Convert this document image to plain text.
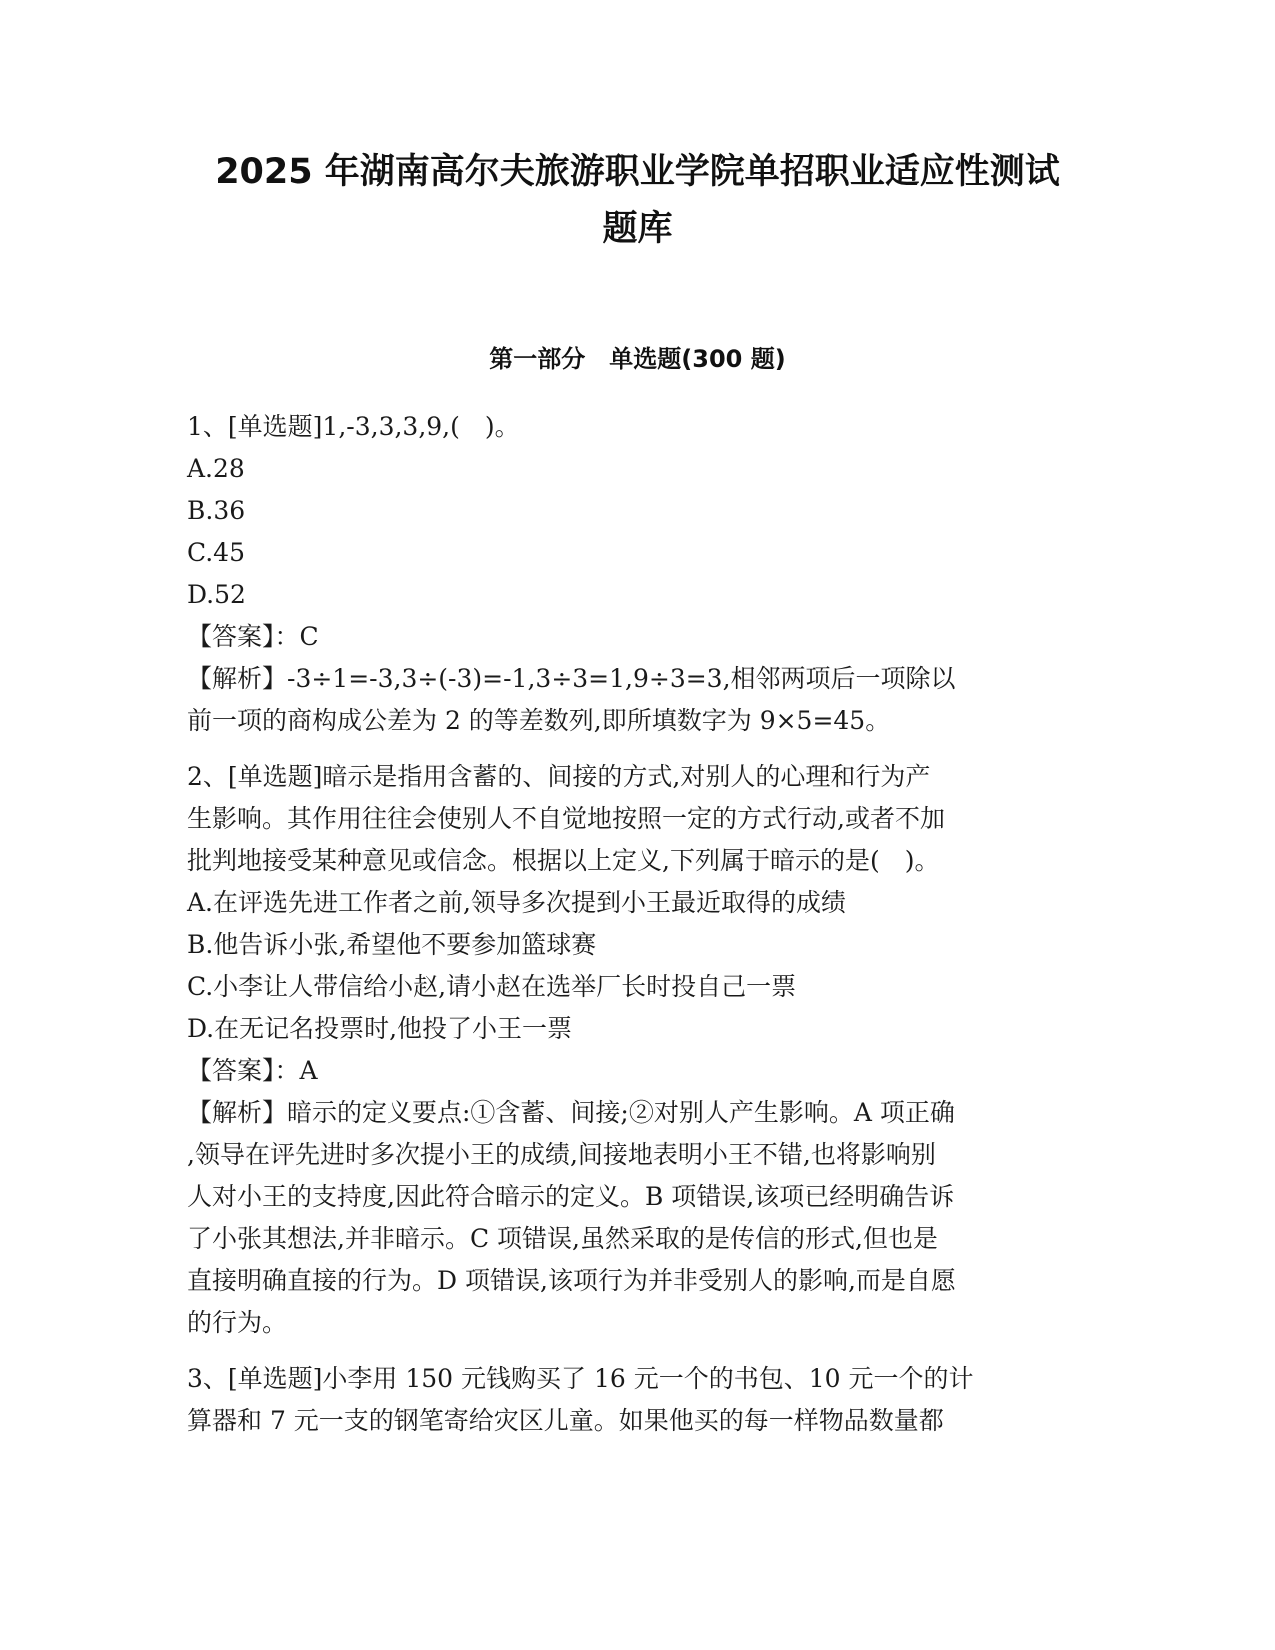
2025 年湖南高尔夫旅游职业学院单招职业适应性测试
题库
第一部分　单选题(300 题)

1、[单选题]1,-3,3,3,9,(　)。

A.28

B.36

C.45

D.52

【答案】：C

【解析】-3÷1=-3,3÷(-3)=-1,3÷3=1,9÷3=3,相邻两项后一项除以

前一项的商构成公差为 2 的等差数列,即所填数字为 9×5=45。

2、[单选题]暗示是指用含蓄的、间接的方式,对别人的心理和行为产

生影响。其作用往往会使别人不自觉地按照一定的方式行动,或者不加

批判地接受某种意见或信念。根据以上定义,下列属于暗示的是(　)。

A.在评选先进工作者之前,领导多次提到小王最近取得的成绩

B.他告诉小张,希望他不要参加篮球赛

C.小李让人带信给小赵,请小赵在选举厂长时投自己一票

D.在无记名投票时,他投了小王一票

【答案】：A

【解析】暗示的定义要点:①含蓄、间接;②对别人产生影响。A 项正确

,领导在评先进时多次提小王的成绩,间接地表明小王不错,也将影响别

人对小王的支持度,因此符合暗示的定义。B 项错误,该项已经明确告诉

了小张其想法,并非暗示。C 项错误,虽然采取的是传信的形式,但也是

直接明确直接的行为。D 项错误,该项行为并非受别人的影响,而是自愿

的行为。

3、[单选题]小李用 150 元钱购买了 16 元一个的书包、10 元一个的计

算器和 7 元一支的钢笔寄给灾区儿童。如果他买的每一样物品数量都
